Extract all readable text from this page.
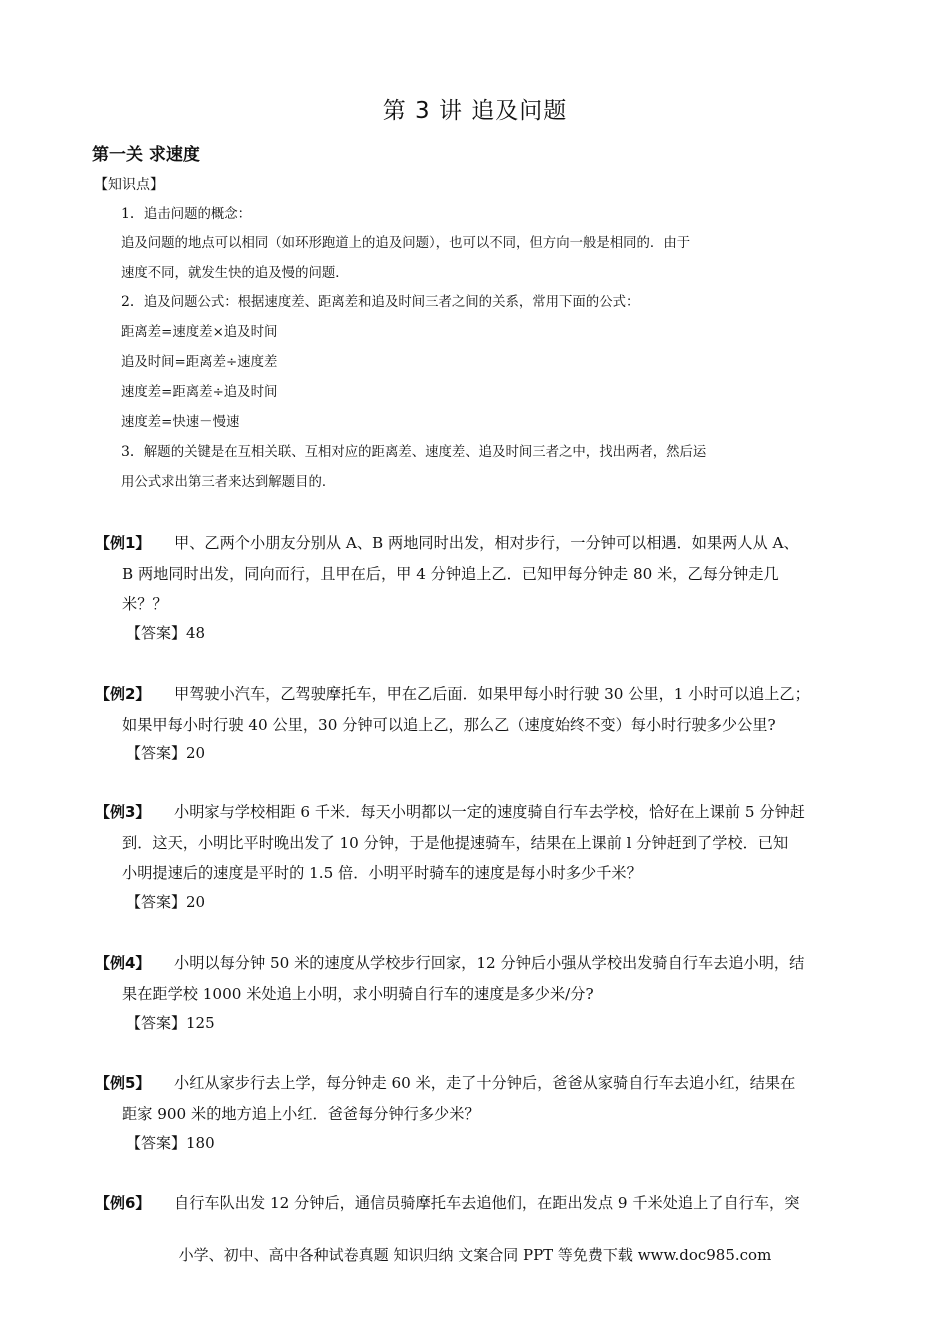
第 3 讲 追及问题
第一关 求速度
【知识点】
1．追击问题的概念：
追及问题的地点可以相同（如环形跑道上的追及问题），也可以不同，但方向一般是相同的．由于
速度不同，就发生快的追及慢的问题．
2．追及问题公式：根据速度差、距离差和追及时间三者之间的关系，常用下面的公式：
距离差=速度差×追及时间
追及时间=距离差÷速度差
速度差=距离差÷追及时间
速度差=快速－慢速
3．解题的关键是在互相关联、互相对应的距离差、速度差、追及时间三者之中，找出两者，然后运
用公式求出第三者来达到解题目的．
【例1】 甲、乙两个小朋友分别从 A、B 两地同时出发，相对步行，一分钟可以相遇．如果两人从 A、
B 两地同时出发，同向而行，且甲在后，甲 4 分钟追上乙．已知甲每分钟走 80 米，乙每分钟走几
米？？
【答案】48
【例2】 甲驾驶小汽车，乙驾驶摩托车，甲在乙后面．如果甲每小时行驶 30 公里，1 小时可以追上乙；
如果甲每小时行驶 40 公里，30 分钟可以追上乙，那么乙（速度始终不变）每小时行驶多少公里?
【答案】20
【例3】 小明家与学校相距 6 千米．每天小明都以一定的速度骑自行车去学校，恰好在上课前 5 分钟赶
到．这天，小明比平时晚出发了 10 分钟，于是他提速骑车，结果在上课前 l 分钟赶到了学校．已知
小明提速后的速度是平时的 1.5 倍．小明平时骑车的速度是每小时多少千米？
【答案】20
【例4】 小明以每分钟 50 米的速度从学校步行回家，12 分钟后小强从学校出发骑自行车去追小明，结
果在距学校 1000 米处追上小明，求小明骑自行车的速度是多少米/分?
【答案】125
【例5】 小红从家步行去上学，每分钟走 60 米，走了十分钟后，爸爸从家骑自行车去追小红，结果在
距家 900 米的地方追上小红．爸爸每分钟行多少米？
【答案】180
【例6】 自行车队出发 12 分钟后，通信员骑摩托车去追他们，在距出发点 9 千米处追上了自行车，突
小学、初中、高中各种试卷真题 知识归纳 文案合同 PPT 等免费下载 www.doc985.com
